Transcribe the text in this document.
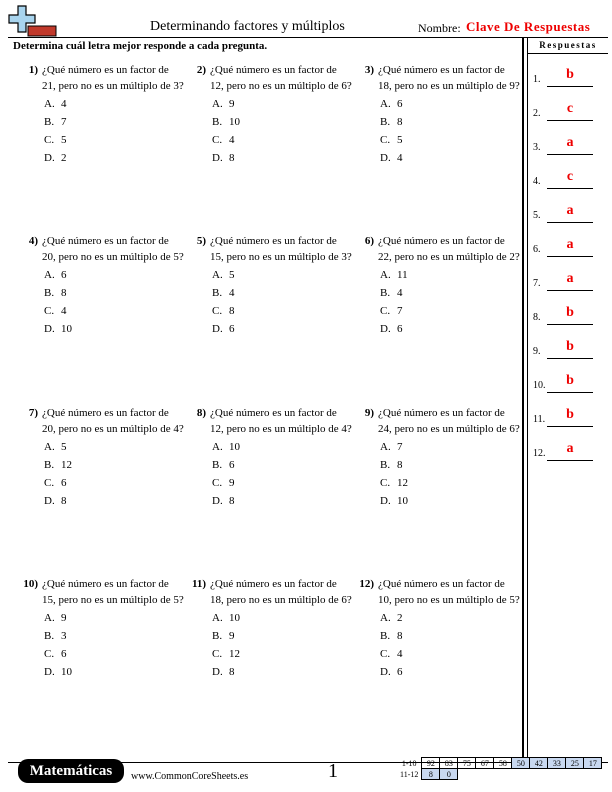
Determinando factores y múltiplos	Nombre: Clave De Respuestas
Determina cuál letra mejor responde a cada pregunta.	Respuestas
1) ¿Qué número es un factor de 21, pero no es un múltiplo de 3?
A. 4
B. 7
C. 5
D. 2
2) ¿Qué número es un factor de 12, pero no es un múltiplo de 6?
A. 9
B. 10
C. 4
D. 8
3) ¿Qué número es un factor de 18, pero no es un múltiplo de 9?
A. 6
B. 8
C. 5
D. 4
4) ¿Qué número es un factor de 20, pero no es un múltiplo de 5?
A. 6
B. 8
C. 4
D. 10
5) ¿Qué número es un factor de 15, pero no es un múltiplo de 3?
A. 5
B. 4
C. 8
D. 6
6) ¿Qué número es un factor de 22, pero no es un múltiplo de 2?
A. 11
B. 4
C. 7
D. 6
7) ¿Qué número es un factor de 20, pero no es un múltiplo de 4?
A. 5
B. 12
C. 6
D. 8
8) ¿Qué número es un factor de 12, pero no es un múltiplo de 4?
A. 10
B. 6
C. 9
D. 8
9) ¿Qué número es un factor de 24, pero no es un múltiplo de 6?
A. 7
B. 8
C. 12
D. 10
10) ¿Qué número es un factor de 15, pero no es un múltiplo de 5?
A. 9
B. 3
C. 6
D. 10
11) ¿Qué número es un factor de 18, pero no es un múltiplo de 6?
A. 10
B. 9
C. 12
D. 8
12) ¿Qué número es un factor de 10, pero no es un múltiplo de 5?
A. 2
B. 8
C. 4
D. 6
1.	b
2.	c
3.	a
4.	c
5.	a
6.	a
7.	a
8.	b
9.	b
10.	b
11.	b
12.	a
Matemáticas	www.CommonCoreSheets.es	1	1-10	92	83	75	67	58	50	42	33	25	17
11-12	8	0								
